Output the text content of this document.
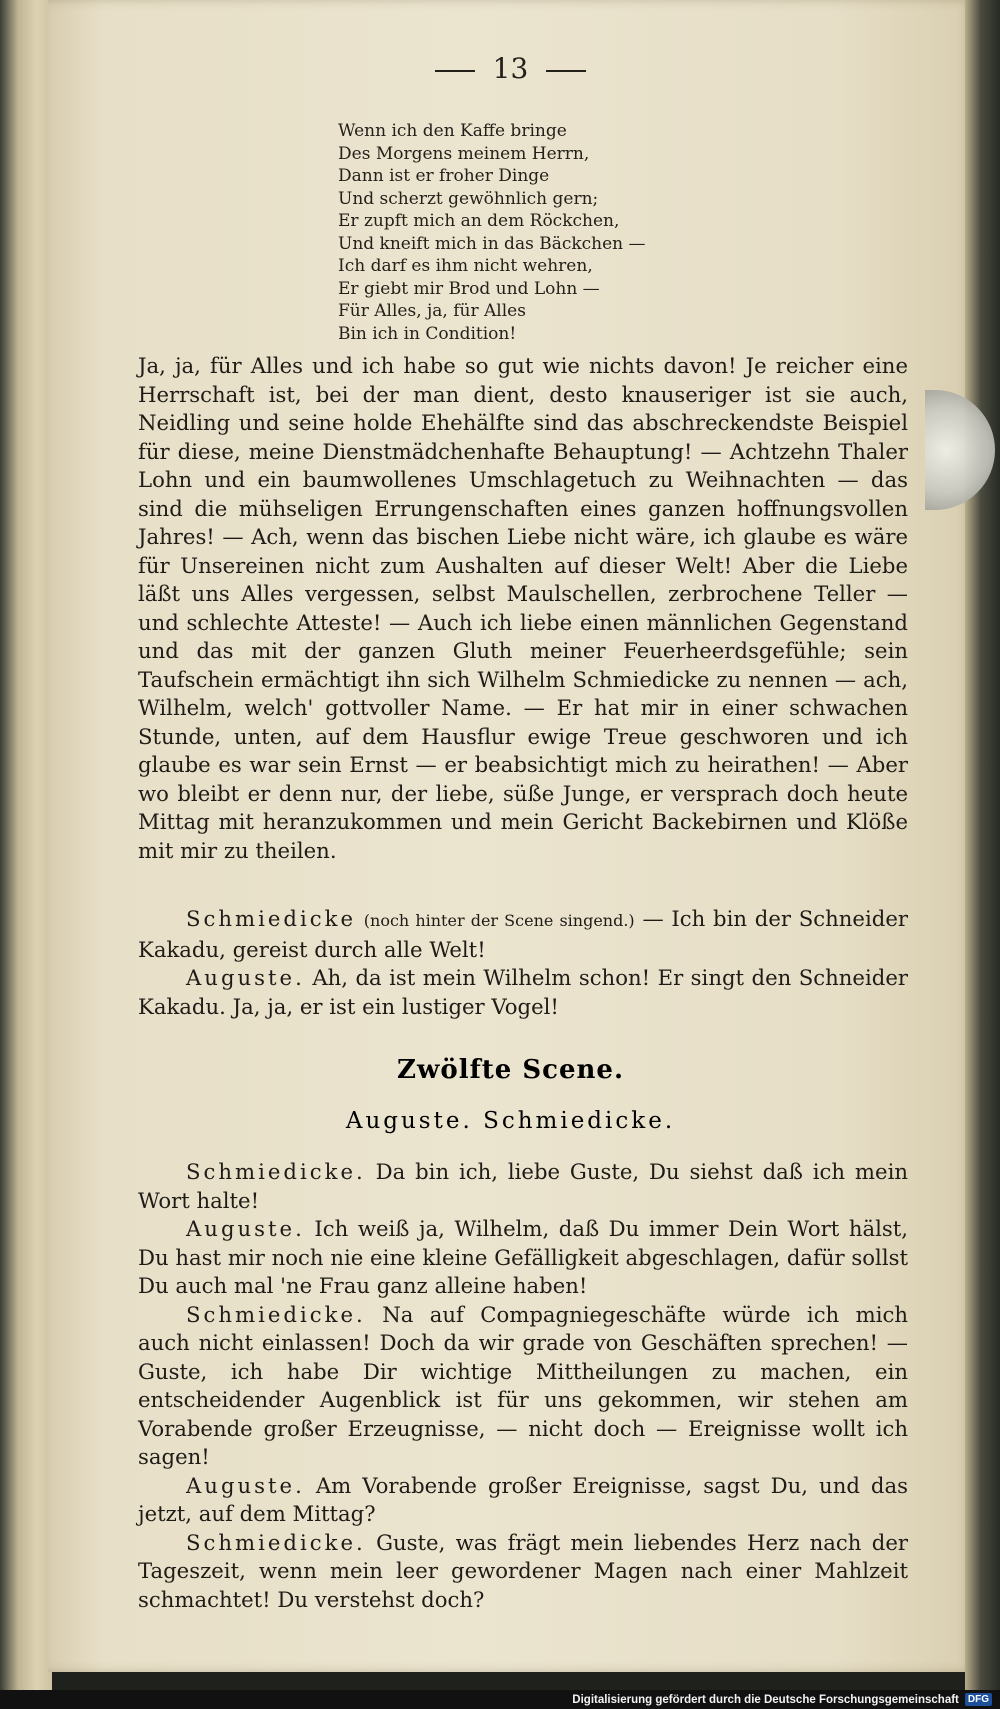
13
Wenn ich den Kaffe bringe
Des Morgens meinem Herrn,
Dann ist er froher Dinge
Und scherzt gewöhnlich gern;
Er zupft mich an dem Röckchen,
Und kneift mich in das Bäckchen —
Ich darf es ihm nicht wehren,
Er giebt mir Brod und Lohn —
Für Alles, ja, für Alles
Bin ich in Condition!

Ja, ja, für Alles und ich habe so gut wie nichts davon! Je reicher eine Herrschaft ist, bei der man dient, desto knauseriger ist sie auch, Neidling und seine holde Ehehälfte sind das abschreckendste Beispiel für diese, meine Dienstmädchenhafte Behauptung! — Achtzehn Thaler Lohn und ein baumwollenes Umschlagetuch zu Weihnachten — das sind die mühseligen Errungenschaften eines ganzen hoffnungsvollen Jahres! — Ach, wenn das bischen Liebe nicht wäre, ich glaube es wäre für Unsereinen nicht zum Aushalten auf dieser Welt! Aber die Liebe läßt uns Alles vergessen, selbst Maulschellen, zerbrochene Teller — und schlechte Atteste! — Auch ich liebe einen männlichen Gegenstand und das mit der ganzen Gluth meiner Feuerheerdsgefühle; sein Taufschein ermächtigt ihn sich Wilhelm Schmiedicke zu nennen — ach, Wilhelm, welch' gottvoller Name. — Er hat mir in einer schwachen Stunde, unten, auf dem Hausflur ewige Treue geschworen und ich glaube es war sein Ernst — er beabsichtigt mich zu heirathen! — Aber wo bleibt er denn nur, der liebe, süße Junge, er versprach doch heute Mittag mit heranzukommen und mein Gericht Backebirnen und Klöße mit mir zu theilen.

Schmiedicke (noch hinter der Scene singend.) — Ich bin der Schneider Kakadu, gereist durch alle Welt!

Auguste. Ah, da ist mein Wilhelm schon! Er singt den Schneider Kakadu. Ja, ja, er ist ein lustiger Vogel!

Zwölfte Scene.
Auguste. Schmiedicke.

Schmiedicke. Da bin ich, liebe Guste, Du siehst daß ich mein Wort halte!

Auguste. Ich weiß ja, Wilhelm, daß Du immer Dein Wort hälst, Du hast mir noch nie eine kleine Gefälligkeit abgeschlagen, dafür sollst Du auch mal 'ne Frau ganz alleine haben!

Schmiedicke. Na auf Compagniegeschäfte würde ich mich auch nicht einlassen! Doch da wir grade von Geschäften sprechen! — Guste, ich habe Dir wichtige Mittheilungen zu machen, ein entscheidender Augenblick ist für uns gekommen, wir stehen am Vorabende großer Erzeugnisse, — nicht doch — Ereignisse wollt ich sagen!

Auguste. Am Vorabende großer Ereignisse, sagst Du, und das jetzt, auf dem Mittag?

Schmiedicke. Guste, was frägt mein liebendes Herz nach der Tageszeit, wenn mein leer gewordener Magen nach einer Mahlzeit schmachtet! Du verstehst doch?

Digitalisierung gefördert durch die Deutsche Forschungsgemeinschaft DFG
